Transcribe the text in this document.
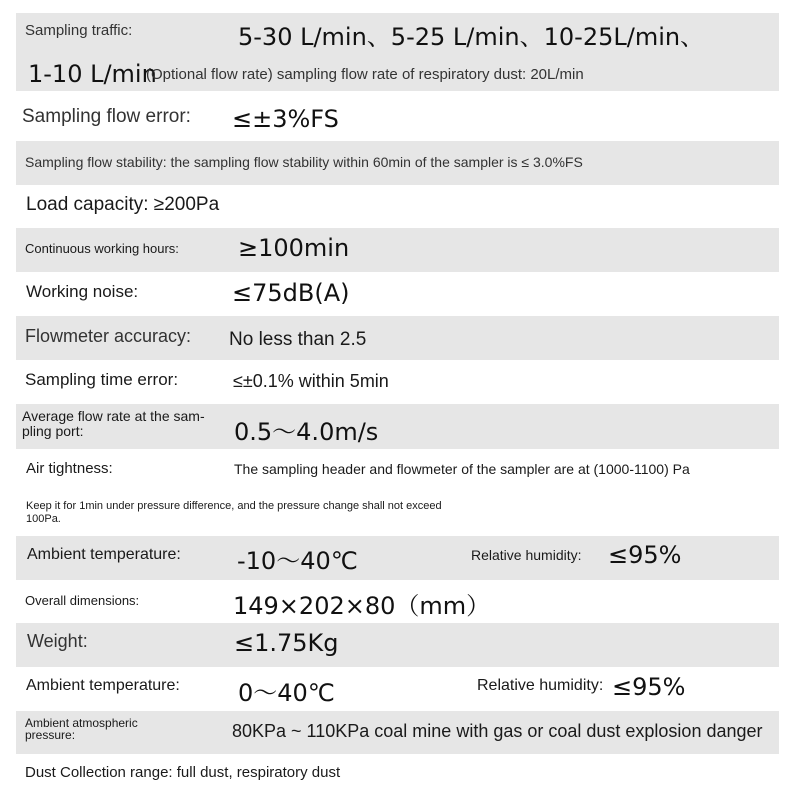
Sampling traffic:	5-30 L/min、5-25 L/min、10-25L/min、
1-10 L/min
(Optional flow rate) sampling flow rate of respiratory dust: 20L/min
Sampling flow error: ≤±3%FS
Sampling flow stability: the sampling flow stability within 60min of the sampler is ≤ 3.0%FS
Load capacity: ≥200Pa
Continuous working hours: ≥100min
Working noise:	≤75dB(A)
Flowmeter accuracy: No less than 2.5
Sampling time error:	≤±0.1% within 5min
Average flow rate at the sam-
pling port:	0.5～4.0m/s
Air tightness:	The sampling header and flowmeter of the sampler are at (1000-1100) Pa
Keep it for 1min under pressure difference, and the pressure change shall not exceed
100Pa.
Ambient temperature: -10～40℃	Relative humidity: ≤95%
Overall dimensions:	149×202×80（mm）
Weight:	≤1.75Kg
Ambient temperature: 0～40℃	Relative humidity: ≤95%
Ambient atmospheric
pressure:	80KPa ~ 110KPa coal mine with gas or coal dust explosion danger
Dust Collection range: full dust, respiratory dust
